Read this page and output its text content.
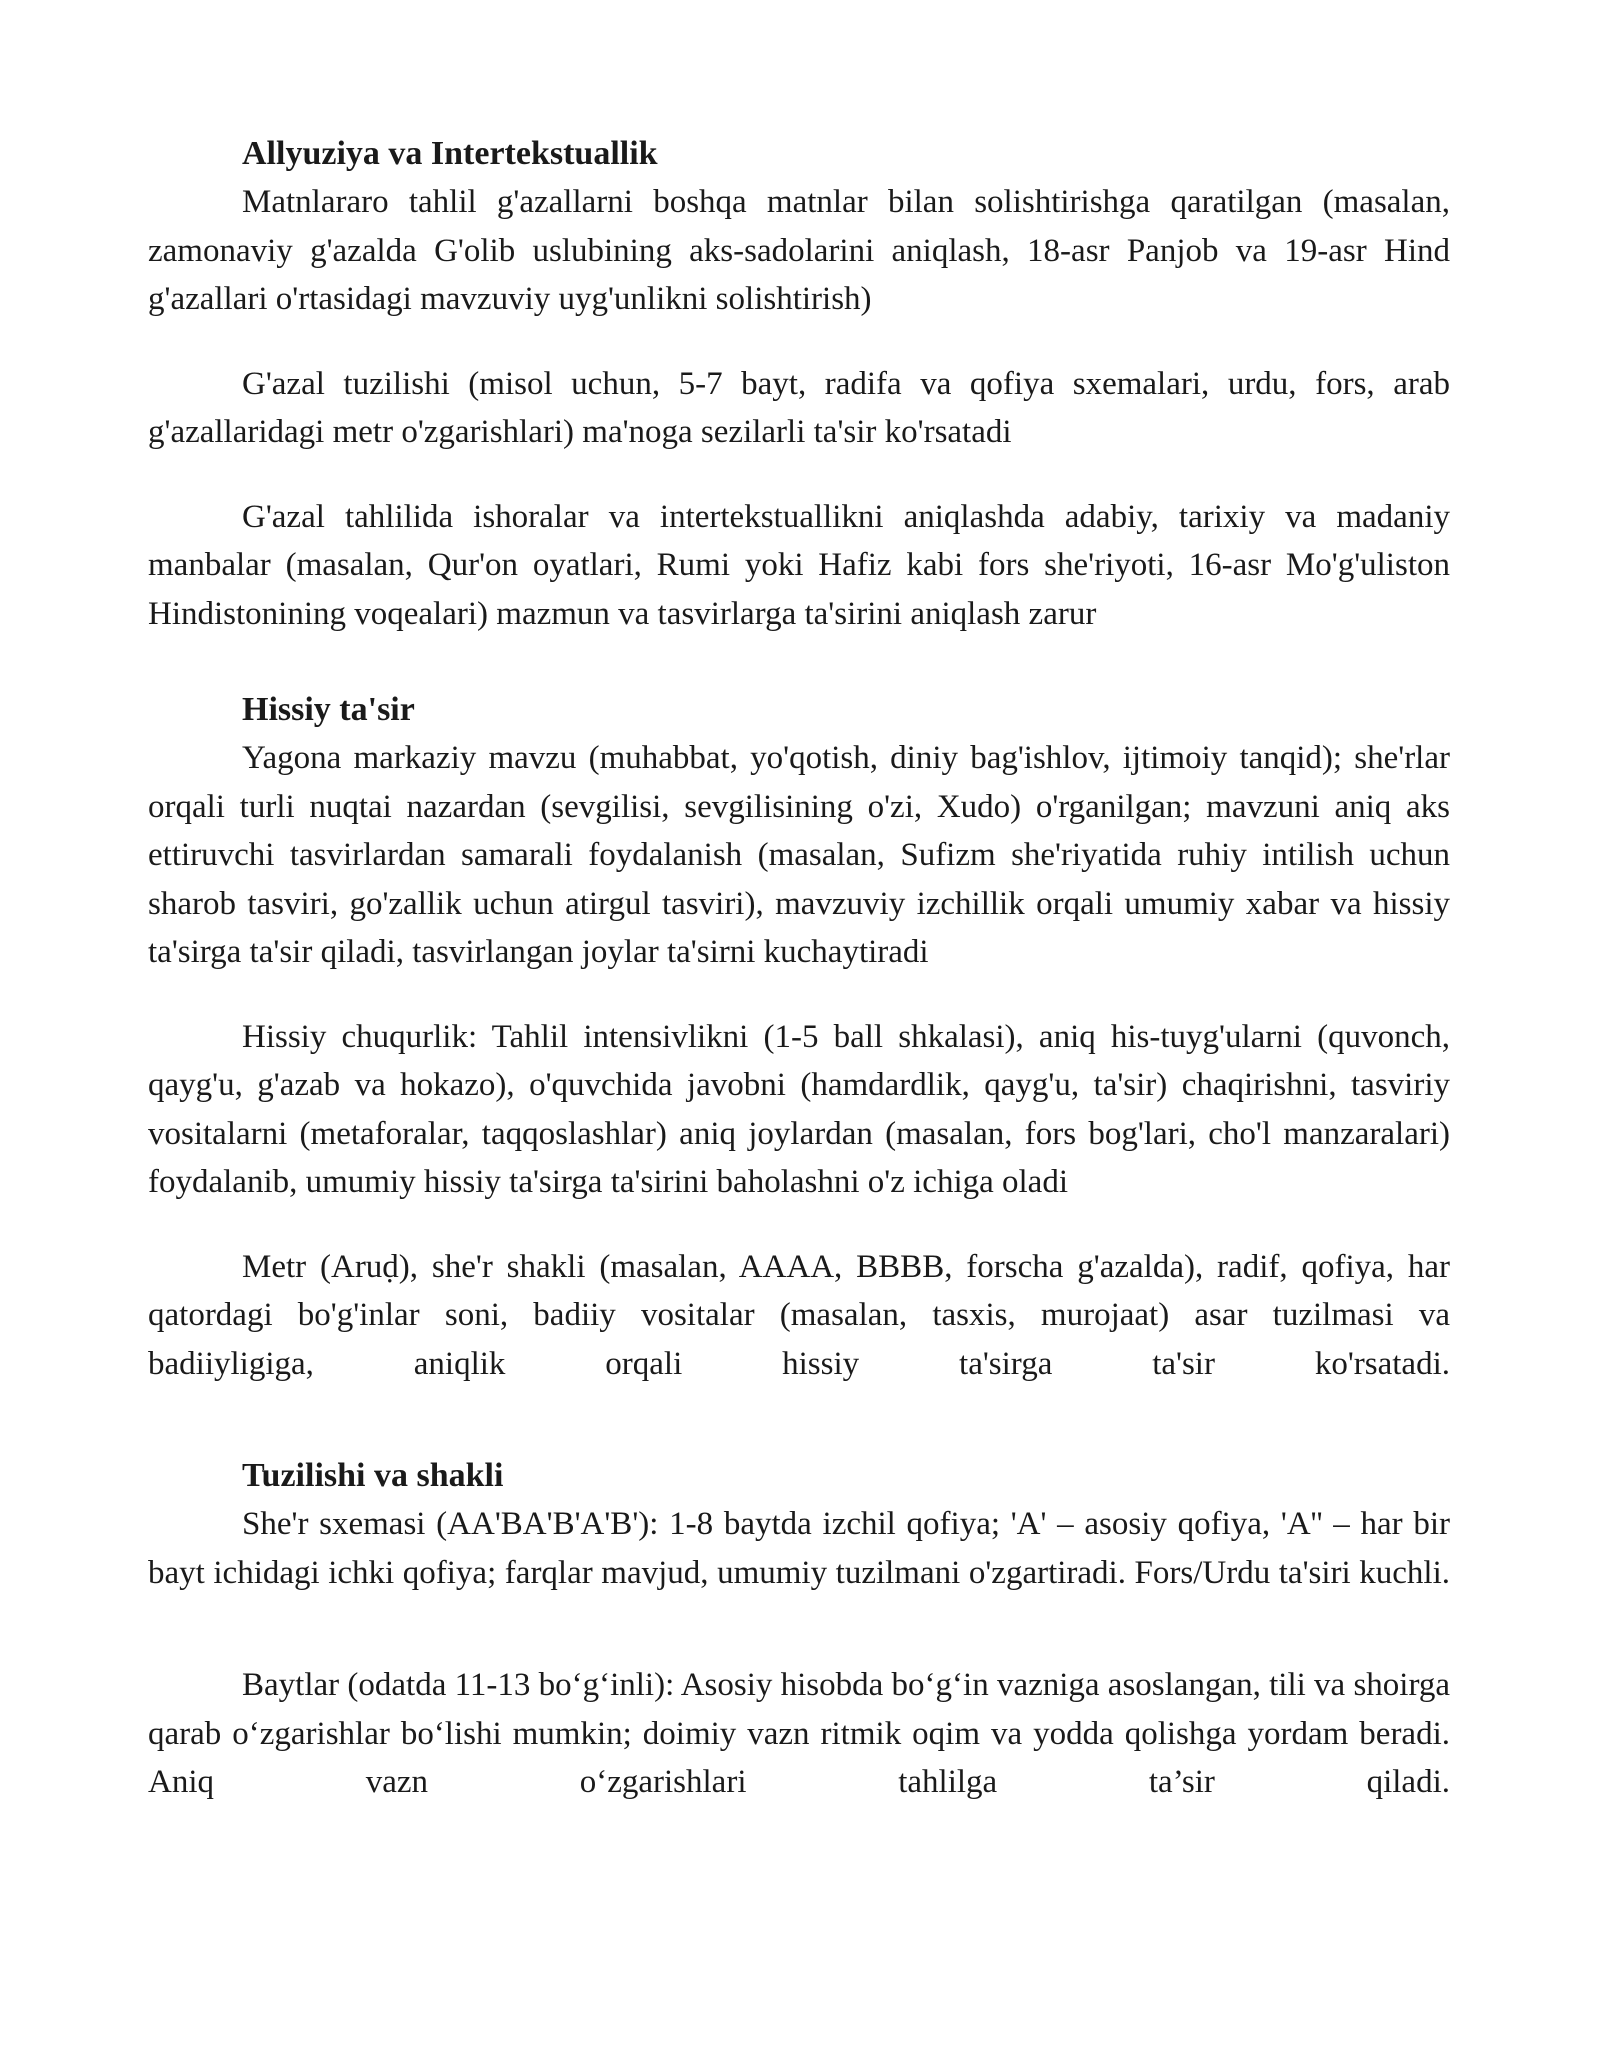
Allyuziya va Intertekstuallik

Matnlararo tahlil g'azallarni boshqa matnlar bilan solishtirishga qaratilgan (masalan, zamonaviy g'azalda G'olib uslubining aks-sadolarini aniqlash, 18-asr Panjob va 19-asr Hind g'azallari o'rtasidagi mavzuviy uyg'unlikni solishtirish)

G'azal tuzilishi (misol uchun, 5-7 bayt, radifa va qofiya sxemalari, urdu, fors, arab g'azallaridagi metr o'zgarishlari) ma'noga sezilarli ta'sir ko'rsatadi

G'azal tahlilida ishoralar va intertekstuallikni aniqlashda adabiy, tarixiy va madaniy manbalar (masalan, Qur'on oyatlari, Rumi yoki Hafiz kabi fors she'riyoti, 16-asr Mo'g'uliston Hindistonining voqealari) mazmun va tasvirlarga ta'sirini aniqlash zarur

Hissiy ta'sir

Yagona markaziy mavzu (muhabbat, yo'qotish, diniy bag'ishlov, ijtimoiy tanqid); she'rlar orqali turli nuqtai nazardan (sevgilisi, sevgilisining o'zi, Xudo) o'rganilgan; mavzuni aniq aks ettiruvchi tasvirlardan samarali foydalanish (masalan, Sufizm she'riyatida ruhiy intilish uchun sharob tasviri, go'zallik uchun atirgul tasviri), mavzuviy izchillik orqali umumiy xabar va hissiy ta'sirga ta'sir qiladi, tasvirlangan joylar ta'sirni kuchaytiradi

Hissiy chuqurlik: Tahlil intensivlikni (1-5 ball shkalasi), aniq his-tuyg'ularni (quvonch, qayg'u, g'azab va hokazo), o'quvchida javobni (hamdardlik, qayg'u, ta'sir) chaqirishni, tasviriy vositalarni (metaforalar, taqqoslashlar) aniq joylardan (masalan, fors bog'lari, cho'l manzaralari) foydalanib, umumiy hissiy ta'sirga ta'sirini baholashni o'z ichiga oladi

Metr (Aruḍ), she'r shakli (masalan, AAAA, BBBB, forscha g'azalda), radif, qofiya, har qatordagi bo'g'inlar soni, badiiy vositalar (masalan, tasxis, murojaat) asar tuzilmasi va badiiyligiga, aniqlik orqali hissiy ta'sirga ta'sir ko'rsatadi.

Tuzilishi va shakli

She'r sxemasi (AA'BA'B'A'B'): 1-8 baytda izchil qofiya; 'A' – asosiy qofiya, 'A'' – har bir bayt ichidagi ichki qofiya; farqlar mavjud, umumiy tuzilmani o'zgartiradi. Fors/Urdu ta'siri kuchli.

Baytlar (odatda 11-13 bo‘g‘inli): Asosiy hisobda bo‘g‘in vazniga asoslangan, tili va shoirga qarab o‘zgarishlar bo‘lishi mumkin; doimiy vazn ritmik oqim va yodda qolishga yordam beradi. Aniq vazn o‘zgarishlari tahlilga ta’sir qiladi.
